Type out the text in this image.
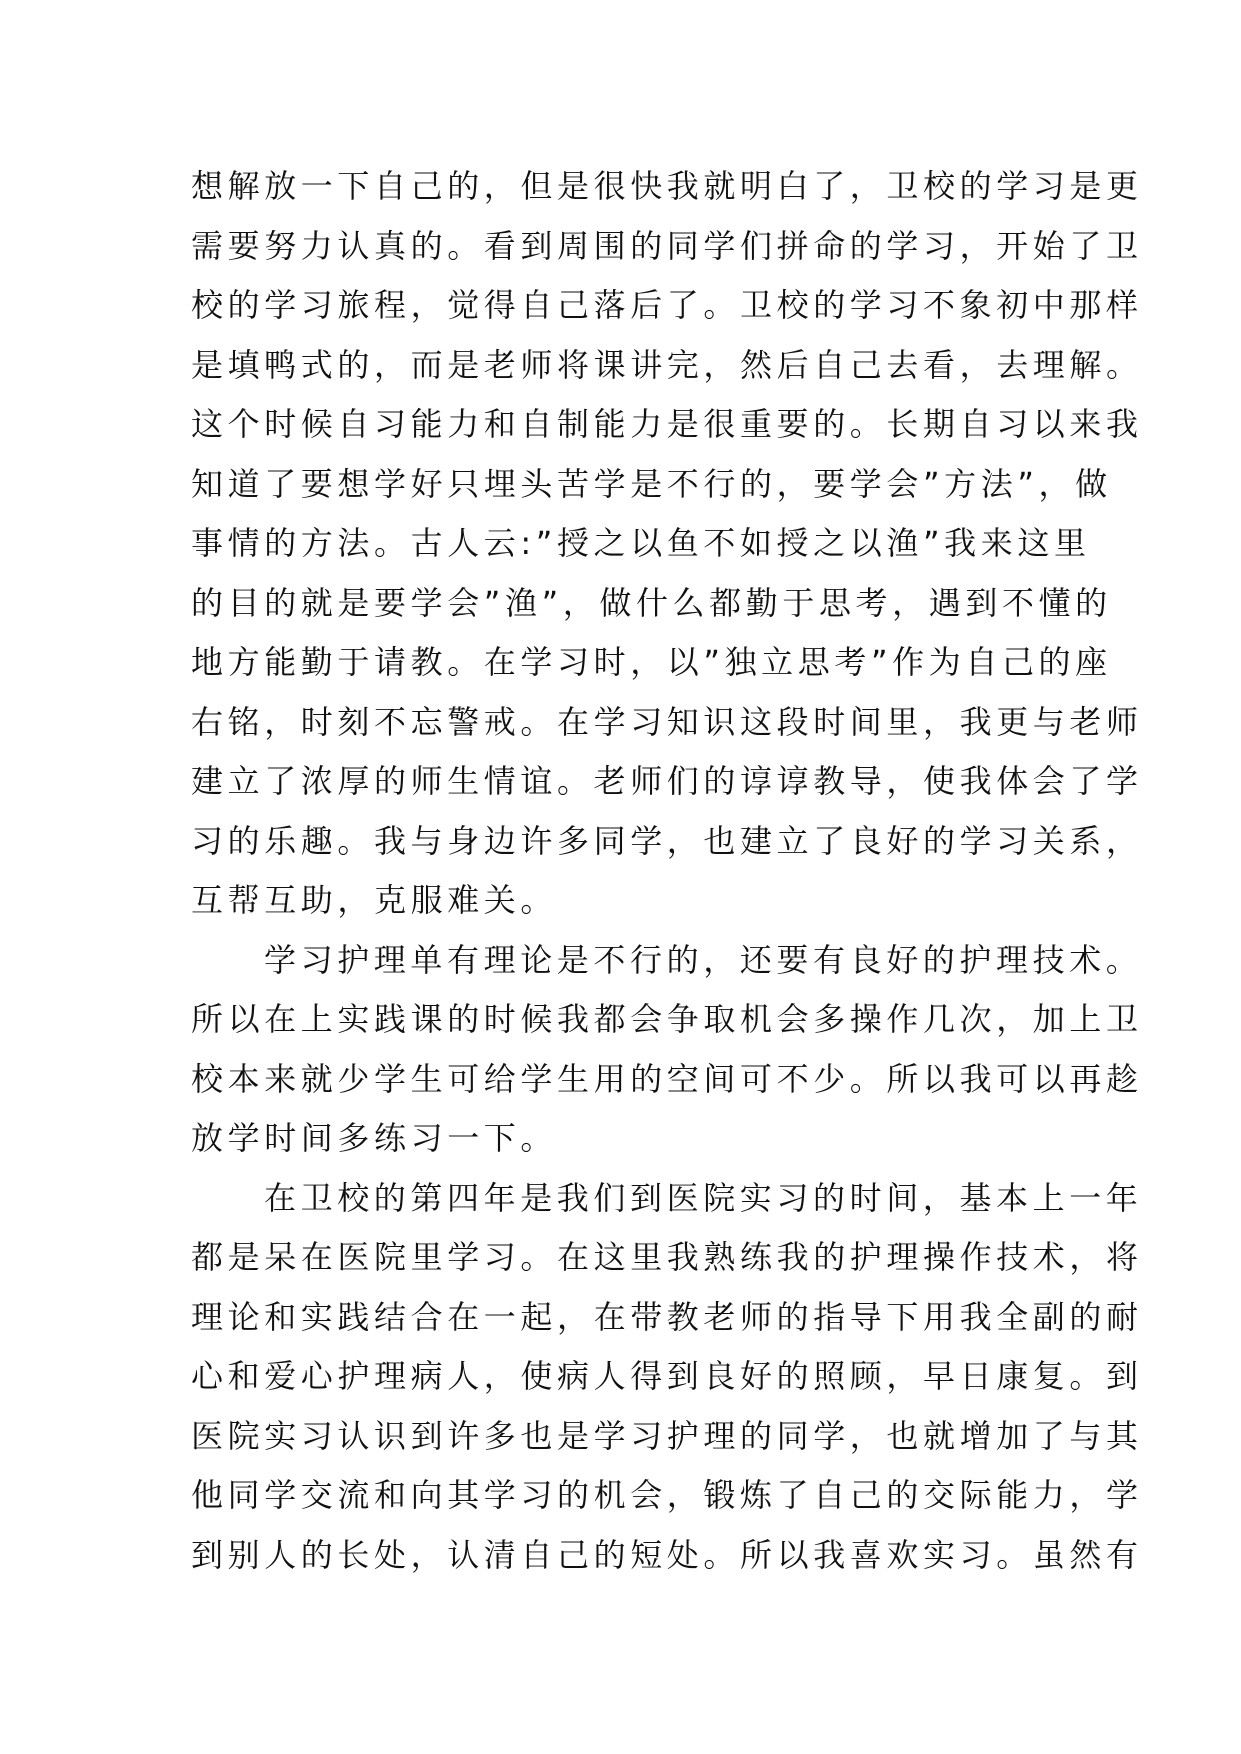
想解放一下自己的，但是很快我就明白了，卫校的学习是更
需要努力认真的。看到周围的同学们拼命的学习，开始了卫
校的学习旅程，觉得自己落后了。卫校的学习不象初中那样
是填鸭式的，而是老师将课讲完，然后自己去看，去理解。
这个时候自习能力和自制能力是很重要的。长期自习以来我
知道了要想学好只埋头苦学是不行的，要学会”方法”，做
事情的方法。古人云:”授之以鱼不如授之以渔”我来这里
的目的就是要学会”渔”，做什么都勤于思考，遇到不懂的
地方能勤于请教。在学习时，以”独立思考”作为自己的座
右铭，时刻不忘警戒。在学习知识这段时间里，我更与老师
建立了浓厚的师生情谊。老师们的谆谆教导，使我体会了学
习的乐趣。我与身边许多同学，也建立了良好的学习关系，
互帮互助，克服难关。
学习护理单有理论是不行的，还要有良好的护理技术。
所以在上实践课的时候我都会争取机会多操作几次，加上卫
校本来就少学生可给学生用的空间可不少。所以我可以再趁
放学时间多练习一下。
在卫校的第四年是我们到医院实习的时间，基本上一年
都是呆在医院里学习。在这里我熟练我的护理操作技术，将
理论和实践结合在一起，在带教老师的指导下用我全副的耐
心和爱心护理病人，使病人得到良好的照顾，早日康复。到
医院实习认识到许多也是学习护理的同学，也就增加了与其
他同学交流和向其学习的机会，锻炼了自己的交际能力，学
到别人的长处，认清自己的短处。所以我喜欢实习。虽然有
